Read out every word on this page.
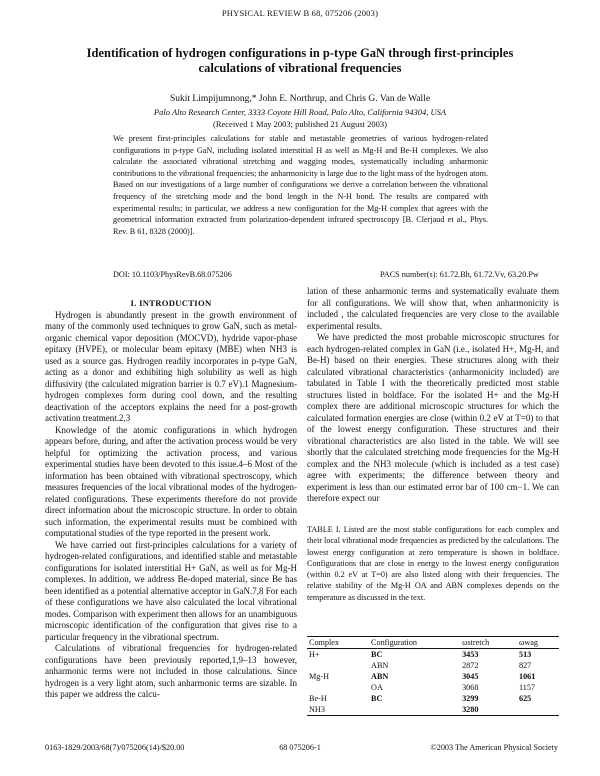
PHYSICAL REVIEW B 68, 075206 (2003)
Identification of hydrogen configurations in p-type GaN through first-principles calculations of vibrational frequencies
Sukit Limpijumnong,* John E. Northrup, and Chris G. Van de Walle
Palo Alto Research Center, 3333 Coyote Hill Road, Palo Alto, California 94304, USA
(Received 1 May 2003; published 21 August 2003)
We present first-principles calculations for stable and metastable geometries of various hydrogen-related configurations in p-type GaN, including isolated interstitial H as well as Mg-H and Be-H complexes. We also calculate the associated vibrational stretching and wagging modes, systematically including anharmonic contributions to the vibrational frequencies; the anharmonicity is large due to the light mass of the hydrogen atom. Based on our investigations of a large number of configurations we derive a correlation between the vibrational frequency of the stretching mode and the bond length in the N-H bond. The results are compared with experimental results; in particular, we address a new configuration for the Mg-H complex that agrees with the geometrical information extracted from polarization-dependent infrared spectroscopy [B. Clerjaud et al., Phys. Rev. B 61, 8328 (2000)].
DOI: 10.1103/PhysRevB.68.075206	PACS number(s): 61.72.Bh, 61.72.Vv, 63.20.Pw

I. INTRODUCTION

Hydrogen is abundantly present in the growth environment of many of the commonly used techniques to grow GaN, such as metal-organic chemical vapor deposition (MOCVD), hydride vapor-phase epitaxy (HVPE), or molecular beam epitaxy (MBE) when NH3 is used as a source gas. Hydrogen readily incorporates in p-type GaN, acting as a donor and exhibiting high solubility as well as high diffusivity (the calculated migration barrier is 0.7 eV).1 Magnesium-hydrogen complexes form during cool down, and the resulting deactivation of the acceptors explains the need for a post-growth activation treatment.2,3

Knowledge of the atomic configurations in which hydrogen appears before, during, and after the activation process would be very helpful for optimizing the activation process, and various experimental studies have been devoted to this issue.4–6 Most of the information has been obtained with vibrational spectroscopy, which measures frequencies of the local vibrational modes of the hydrogen-related configurations. These experiments therefore do not provide direct information about the microscopic structure. In order to obtain such information, the experimental results must be combined with computational studies of the type reported in the present work.

We have carried out first-principles calculations for a variety of hydrogen-related configurations, and identified stable and metastable configurations for isolated interstitial H+ GaN, as well as for Mg-H complexes. In addition, we address Be-doped material, since Be has been identified as a potential alternative acceptor in GaN.7,8 For each of these configurations we have also calculated the local vibrational modes. Comparison with experiment then allows for an unambiguous microscopic identification of the configuration that gives rise to a particular frequency in the vibrational spectrum.

Calculations of vibrational frequencies for hydrogen-related configurations have been previously reported,1,9–13 however, anharmonic terms were not included in those calculations. Since hydrogen is a very light atom, such anharmonic terms are sizable. In this paper we address the calcu-

lation of these anharmonic terms and systematically evaluate them for all configurations. We will show that, when anharmonicity is included , the calculated frequencies are very close to the available experimental results.

We have predicted the most probable microscopic structures for each hydrogen-related complex in GaN (i.e., isolated H+, Mg-H, and Be-H) based on their energies. These structures along with their calculated vibrational characteristics (anharmonicity included) are tabulated in Table I with the theoretically predicted most stable structures listed in boldface. For the isolated H+ and the Mg-H complex there are additional microscopic structures for which the calculated formation energies are close (within 0.2 eV at T=0) to that of the lowest energy configuration. These structures and their vibrational characteristics are also listed in the table. We will see shortly that the calculated stretching mode frequencies for the Mg-H complex and the NH3 molecule (which is included as a test case) agree with experiments; the difference between theory and experiment is less than our estimated error bar of 100 cm−1. We can therefore expect our

TABLE I. Listed are the most stable configurations for each complex and their local vibrational mode frequencies as predicted by the calculations. The lowest energy configuration at zero temperature is shown in boldface. Configurations that are close in energy to the lowest energy configuration (within 0.2 eV at T=0) are also listed along with their frequencies. The relative stability of the Mg-H OA and ABN complexes depends on the temperature as discussed in the text.
Complex	Configuration	ωstretch	ωwag
H+	BC	3453	513
	ABN	2872	827
Mg-H	ABN	3045	1061
	OA	3068	1157
Be-H	BC	3299	625
NH3		3280	
0163-1829/2003/68(7)/075206(14)/$20.00	68 075206-1	©2003 The American Physical Society
